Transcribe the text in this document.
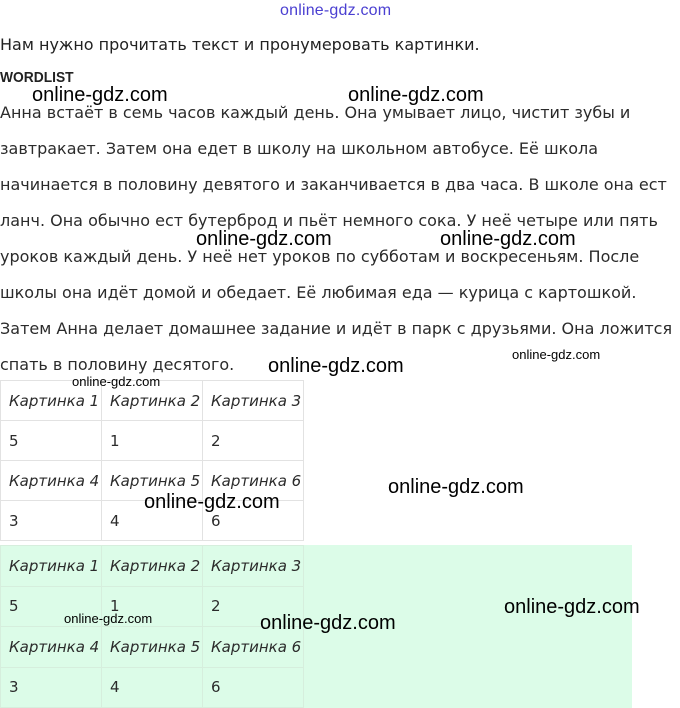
online-gdz.com
Нам нужно прочитать текст и пронумеровать картинки.
WORDLIST
Анна встаёт в семь часов каждый день. Она умывает лицо, чистит зубы и
завтракает. Затем она едет в школу на школьном автобусе. Её школа
начинается в половину девятого и заканчивается в два часа. В школе она ест
ланч. Она обычно ест бутерброд и пьёт немного сока. У неё четыре или пять
уроков каждый день. У неё нет уроков по субботам и воскресеньям. После
школы она идёт домой и обедает. Её любимая еда — курица с картошкой.
Затем Анна делает домашнее задание и идёт в парк с друзьями. Она ложится
спать в половину десятого.
Картинка 1	Картинка 2	Картинка 3
5	1	2
Картинка 4	Картинка 5	Картинка 6
3	4	6
Картинка 1	Картинка 2	Картинка 3
5	1	2
Картинка 4	Картинка 5	Картинка 6
3	4	6
online-gdz.com	online-gdz.com
online-gdz.com	online-gdz.com
online-gdz.com
online-gdz.com
online-gdz.com
online-gdz.com
online-gdz.com
online-gdz.com
online-gdz.com	online-gdz.com
